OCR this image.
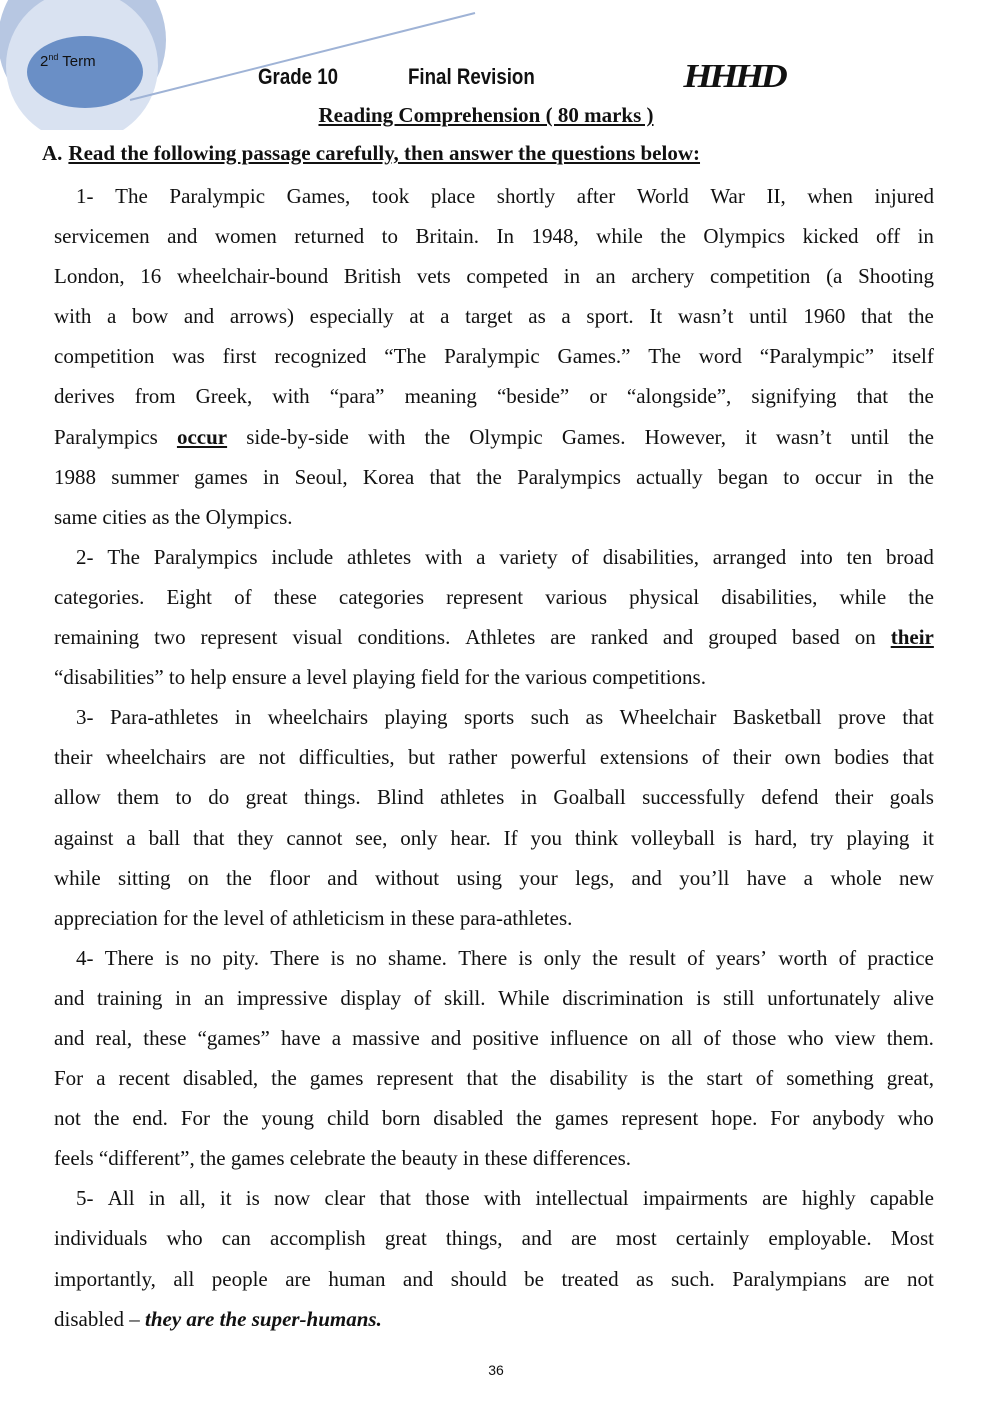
2nd Term
Grade 10	Final Revision	HHHD
Reading Comprehension ( 80 marks )
A. Read the following passage carefully, then answer the questions below:
1- The Paralympic Games, took place shortly after World War II, when injured
servicemen and women returned to Britain. In 1948, while the Olympics kicked off in
London, 16 wheelchair-bound British vets competed in an archery competition (a Shooting
with a bow and arrows) especially at a target as a sport. It wasn’t until 1960 that the
competition was first recognized “The Paralympic Games.” The word “Paralympic” itself
derives from Greek, with “para” meaning “beside” or “alongside”, signifying that the
Paralympics occur side-by-side with the Olympic Games. However, it wasn’t until the
1988 summer games in Seoul, Korea that the Paralympics actually began to occur in the
same cities as the Olympics.
2- The Paralympics include athletes with a variety of disabilities, arranged into ten broad
categories. Eight of these categories represent various physical disabilities, while the
remaining two represent visual conditions. Athletes are ranked and grouped based on their
“disabilities” to help ensure a level playing field for the various competitions.
3- Para-athletes in wheelchairs playing sports such as Wheelchair Basketball prove that
their wheelchairs are not difficulties, but rather powerful extensions of their own bodies that
allow them to do great things. Blind athletes in Goalball successfully defend their goals
against a ball that they cannot see, only hear. If you think volleyball is hard, try playing it
while sitting on the floor and without using your legs, and you’ll have a whole new
appreciation for the level of athleticism in these para-athletes.
4- There is no pity. There is no shame. There is only the result of years’ worth of practice
and training in an impressive display of skill. While discrimination is still unfortunately alive
and real, these “games” have a massive and positive influence on all of those who view them.
For a recent disabled, the games represent that the disability is the start of something great,
not the end. For the young child born disabled the games represent hope. For anybody who
feels “different”, the games celebrate the beauty in these differences.
5- All in all, it is now clear that those with intellectual impairments are highly capable
individuals who can accomplish great things, and are most certainly employable. Most
importantly, all people are human and should be treated as such. Paralympians are not
disabled – they are the super-humans.
36
